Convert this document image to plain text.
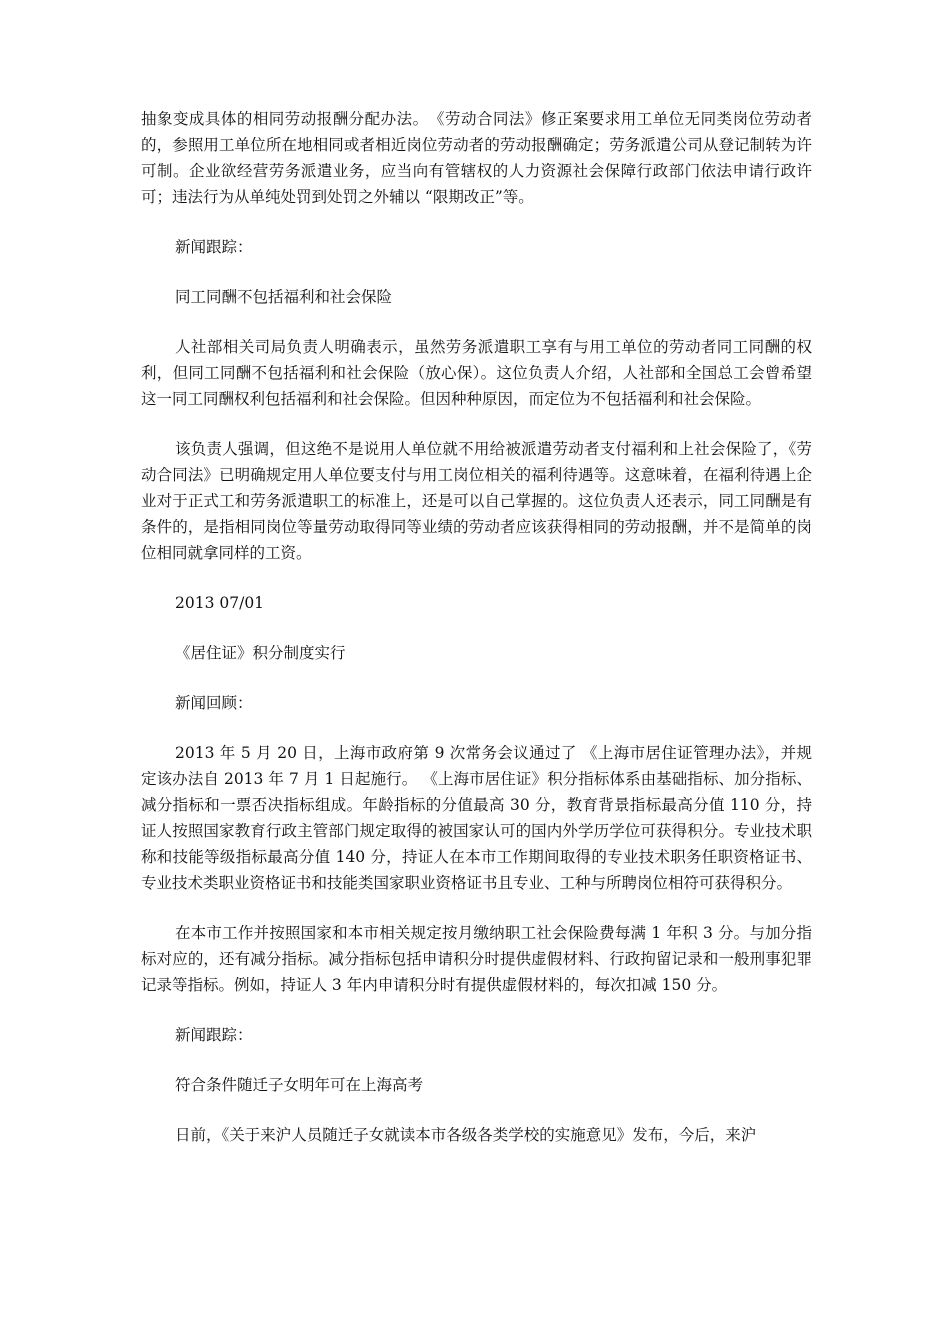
抽象变成具体的相同劳动报酬分配办法。　《劳动合同法》修正案要求用工单位无同类岗位劳动者的，参照用工单位所在地相同或者相近岗位劳动者的劳动报酬确定；劳务派遣公司从登记制转为许可制。企业欲经营劳务派遣业务，应当向有管辖权的人力资源社会保障行政部门依法申请行政许可；违法行为从单纯处罚到处罚之外辅以 “限期改正”等。

新闻跟踪：

同工同酬不包括福利和社会保险

人社部相关司局负责人明确表示，虽然劳务派遣职工享有与用工单位的劳动者同工同酬的权利，但同工同酬不包括福利和社会保险（放心保）。这位负责人介绍，人社部和全国总工会曾希望这一同工同酬权利包括福利和社会保险。但因种种原因，而定位为不包括福利和社会保险。

该负责人强调，但这绝不是说用人单位就不用给被派遣劳动者支付福利和上社会保险了，《劳动合同法》已明确规定用人单位要支付与用工岗位相关的福利待遇等。这意味着，在福利待遇上企业对于正式工和劳务派遣职工的标准上，还是可以自己掌握的。这位负责人还表示，同工同酬是有条件的，是指相同岗位等量劳动取得同等业绩的劳动者应该获得相同的劳动报酬，并不是简单的岗位相同就拿同样的工资。

2013 07/01

《居住证》积分制度实行

新闻回顾：

2013 年 5 月 20 日，上海市政府第 9 次常务会议通过了 《上海市居住证管理办法》，并规定该办法自 2013 年 7 月 1 日起施行。 《上海市居住证》积分指标体系由基础指标、加分指标、减分指标和一票否决指标组成。年龄指标的分值最高 30 分，教育背景指标最高分值 110 分，持证人按照国家教育行政主管部门规定取得的被国家认可的国内外学历学位可获得积分。专业技术职称和技能等级指标最高分值 140 分，持证人在本市工作期间取得的专业技术职务任职资格证书、专业技术类职业资格证书和技能类国家职业资格证书且专业、工种与所聘岗位相符可获得积分。

在本市工作并按照国家和本市相关规定按月缴纳职工社会保险费每满 1 年积 3 分。与加分指标对应的，还有减分指标。减分指标包括申请积分时提供虚假材料、行政拘留记录和一般刑事犯罪记录等指标。例如，持证人 3 年内申请积分时有提供虚假材料的，每次扣减 150 分。

新闻跟踪：

符合条件随迁子女明年可在上海高考

日前，《关于来沪人员随迁子女就读本市各级各类学校的实施意见》发布，今后，来沪
